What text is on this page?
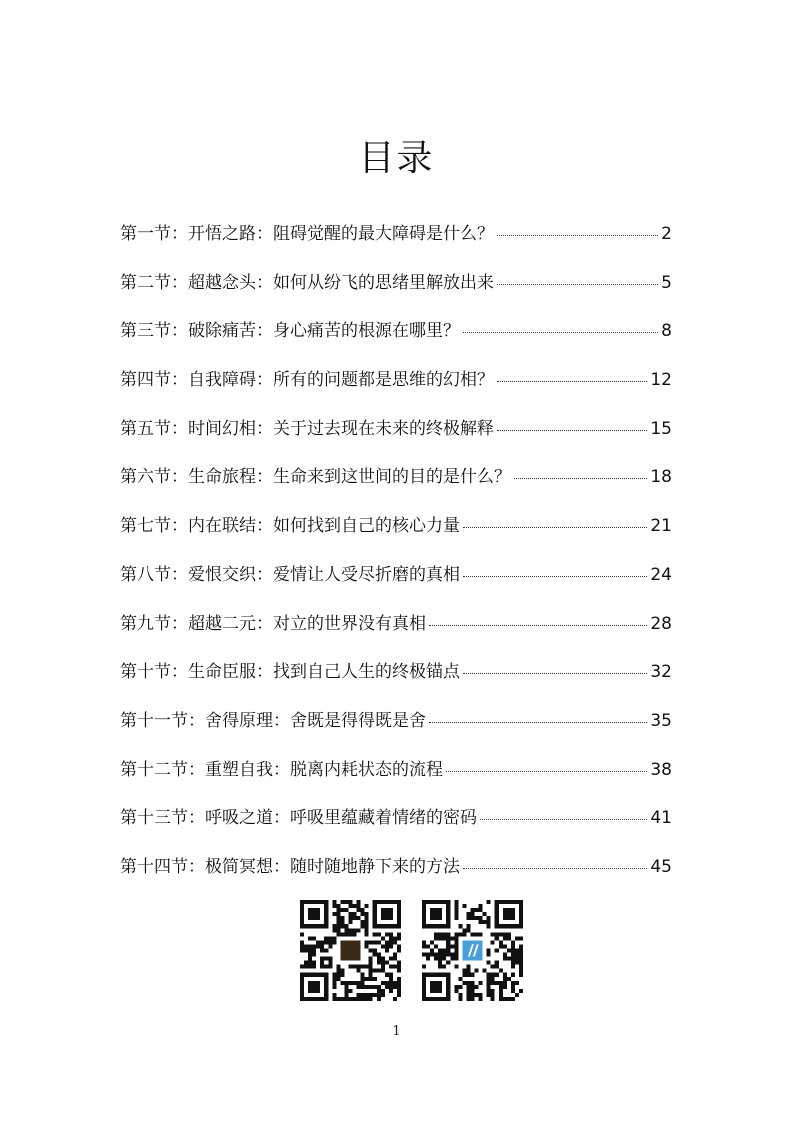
目录
第一节：开悟之路：阻碍觉醒的最大障碍是什么？	2
第二节：超越念头：如何从纷飞的思绪里解放出来	5
第三节：破除痛苦：身心痛苦的根源在哪里？	8
第四节：自我障碍：所有的问题都是思维的幻相？	12
第五节：时间幻相：关于过去现在未来的终极解释	15
第六节：生命旅程：生命来到这世间的目的是什么？	18
第七节：内在联结：如何找到自己的核心力量	21
第八节：爱恨交织：爱情让人受尽折磨的真相	24
第九节：超越二元：对立的世界没有真相	28
第十节：生命臣服：找到自己人生的终极锚点	32
第十一节：舍得原理：舍既是得得既是舍	35
第十二节：重塑自我：脱离内耗状态的流程	38
第十三节：呼吸之道：呼吸里蕴藏着情绪的密码	41
第十四节：极简冥想：随时随地静下来的方法	45
1
